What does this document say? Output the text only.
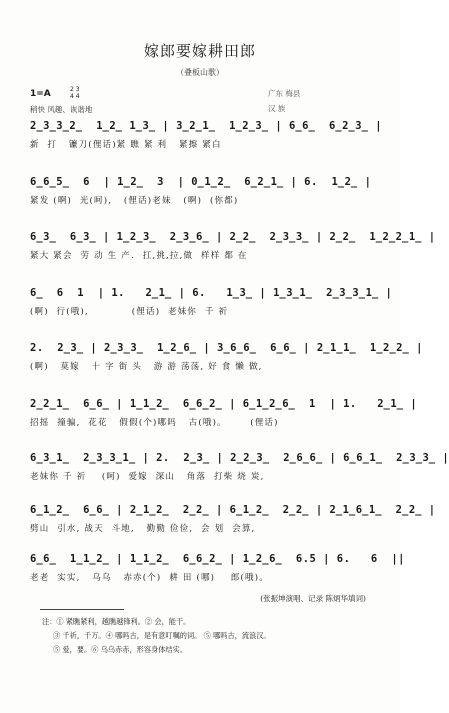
嫁郎要嫁耕田郎
（叠板山歌）
1=A	2 3
4 4
稍快 风趣、诙谐地
广东 梅县
汉 族
2̲3̲3̲2̲  1̲2̲ 1̲3̲ | 3̲2̲1̲  1̲2̲3̲ | 6̲6̲  6̲2̲3̲ |
新  打   镰刀(俚话)紧 瞧 紧 利   紧擦 紧白
6̲6̲5̲  6  | 1̲2̲  3  | 0̲1̲2̲  6̲2̲1̲ | 6.  1̲2̲ |
紧发 (啊)  光(呵),   (俚话)老妹   (啊)  (你都)
6̲3̲  6̲3̲ | 1̲2̲3̲  2̲3̲6̲ | 2̲2̲  2̲3̲3̲ | 2̲2̲  1̲2̲2̲1̲ |
紧大 紧会  劳 动 生 产.  扛,挑,拉,做  样样 都 在
6̲  6  1  | 1.   2̲1̲ | 6.   1̲3̲ | 1̲3̲1̲  2̲3̲3̲1̲ |
(啊)  行(哦),           (俚话)  老妹你  千 祈
2.  2̲3̲ | 2̲3̲3̲  1̲2̲6̲ | 3̲6̲6̲  6̲6̲ | 2̲1̲1̲  1̲2̲2̲ |
(啊)   莫嫁   十 字 街 头   游 游 荡荡, 好 食 懒 做,
2̲2̲1̲  6̲6̲ | 1̲1̲2̲  6̲6̲2̲ | 6̲1̲2̲6̲  1  | 1.   2̲1̲ |
招摇  撞骗,  花花   假假(个)哪吗   古(哦)。      (俚话)
6̲3̲1̲  2̲3̲3̲1̲ | 2.  2̲3̲ | 2̲2̲3̲  2̲6̲6̲ | 6̲6̲1̲  2̲3̲3̲ |
老妹你 千 祈    (呵)  爱嫁  深山   角落  打柴 烧 炭,
6̲1̲2̲  6̲6̲ | 2̲1̲2̲  2̲2̲ | 6̲1̲2̲  2̲2̲ | 2̲1̲6̲1̲  2̲2̲ |
劈山  引水, 战天  斗地,   勤勤 俭俭,  会 划  会算,
6̲6̲  1̲1̲2̲ | 1̲1̲2̲  6̲6̲2̲ | 1̲2̲6̲  6.5 | 6.   6  ||
老老  实实,   乌乌   赤赤(个)  耕 田 (哪)    郎(哦)。
(张振坤演唱、记录 陈炳华填词)
注：① 紧瞧紧利，越瞧越锋利。② 会，能干。
③ 千祈，千万。④ 哪吗古，是有意叮嘱的词。 ⑤ 哪吗古，流浪汉。
⑤ 爱，要。⑥ 乌乌赤赤，形容身体结实。
